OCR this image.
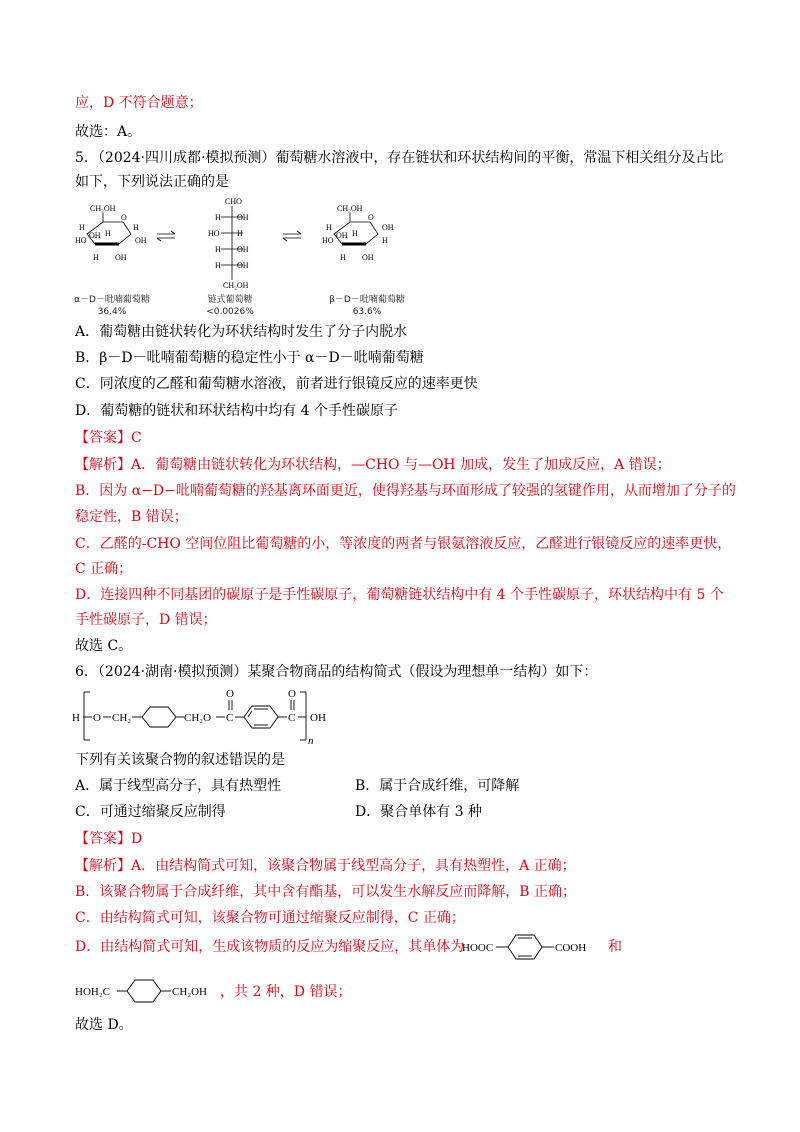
应，D 不符合题意；
故选：A。
5．（2024·四川成都·模拟预测）葡萄糖水溶液中，存在链状和环状结构间的平衡，常温下相关组分及占比
如下，下列说法正确的是
CH₂OH
O
H
HO
H
OH
H OH
H
OH
CHO
H OH
HO H
H OH
H OH
CH₂OH
CH₂OH
O
H
HO
OH
H
H OH
H
OH
α－D－吡喃葡萄糖
36.4%
链式葡萄糖
<0.0026%
β－D－吡喃葡萄糖
63.6%
A．葡萄糖由链状转化为环状结构时发生了分子内脱水
B．β－D－吡喃葡萄糖的稳定性小于 α－D－吡喃葡萄糖
C．同浓度的乙醛和葡萄糖水溶液，前者进行银镜反应的速率更快
D．葡萄糖的链状和环状结构中均有 4 个手性碳原子
【答案】C
【解析】A．葡萄糖由链状转化为环状结构，—CHO 与—OH 加成，发生了加成反应，A 错误；
B．因为 α−D−吡喃葡萄糖的羟基离环面更近，使得羟基与环面形成了较强的氢键作用，从而增加了分子的
稳定性，B 错误；
C．乙醛的-CHO 空间位阻比葡萄糖的小，等浓度的两者与银氨溶液反应，乙醛进行银镜反应的速率更快，
C 正确；
D．连接四种不同基团的碳原子是手性碳原子，葡萄糖链状结构中有 4 个手性碳原子，环状结构中有 5 个
手性碳原子，D 错误；
故选 C。
6．（2024·湖南·模拟预测）某聚合物商品的结构简式（假设为理想单一结构）如下：
H O CH₂	CH₂O C
O
C
O
OH
n
下列有关该聚合物的叙述错误的是
A．属于线型高分子，具有热塑性	B．属于合成纤维，可降解
C．可通过缩聚反应制得	D．聚合单体有 3 种
【答案】D
【解析】A．由结构简式可知，该聚合物属于线型高分子，具有热塑性，A 正确；
B．该聚合物属于合成纤维，其中含有酯基，可以发生水解反应而降解，B 正确；
C．由结构简式可知，该聚合物可通过缩聚反应制得，C 正确；
D．由结构简式可知，生成该物质的反应为缩聚反应，其单体为
HOOC	COOH 和
HOH₂C	CH₂OH ，共 2 种，D 错误；
故选 D。
